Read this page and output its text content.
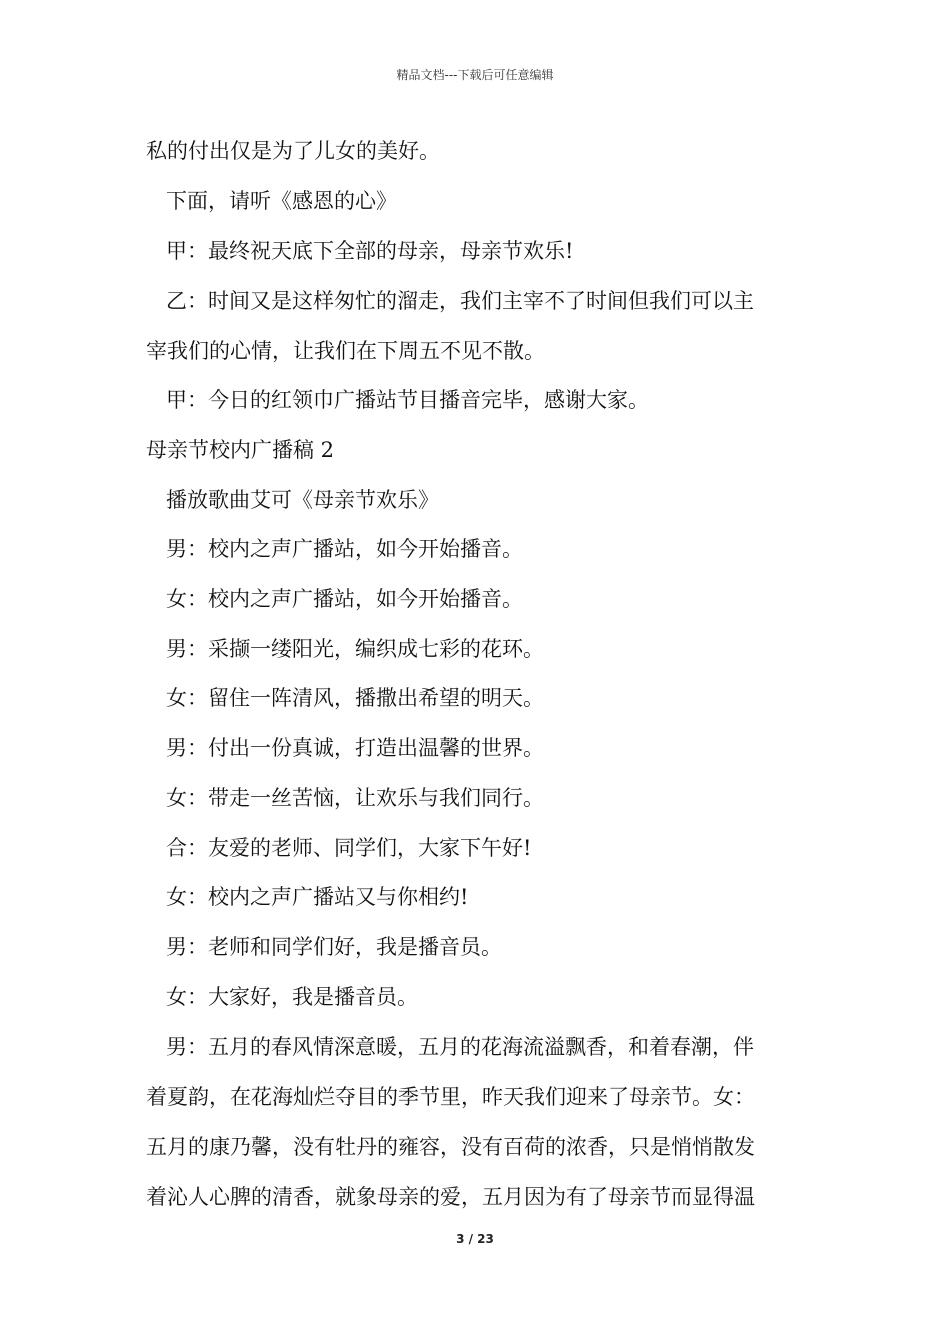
精品文档---下载后可任意编辑
私的付出仅是为了儿女的美好。
下面，请听《感恩的心》
甲：最终祝天底下全部的母亲，母亲节欢乐!
乙：时间又是这样匆忙的溜走，我们主宰不了时间但我们可以主
宰我们的心情，让我们在下周五不见不散。
甲：今日的红领巾广播站节目播音完毕，感谢大家。
母亲节校内广播稿 2
播放歌曲艾可《母亲节欢乐》
男：校内之声广播站，如今开始播音。
女：校内之声广播站，如今开始播音。
男：采撷一缕阳光，编织成七彩的花环。
女：留住一阵清风，播撒出希望的明天。
男：付出一份真诚，打造出温馨的世界。
女：带走一丝苦恼，让欢乐与我们同行。
合：友爱的老师、同学们，大家下午好!
女：校内之声广播站又与你相约!
男：老师和同学们好，我是播音员。
女：大家好，我是播音员。
男：五月的春风情深意暖，五月的花海流溢飘香，和着春潮，伴
着夏韵，在花海灿烂夺目的季节里，昨天我们迎来了母亲节。女：
五月的康乃馨，没有牡丹的雍容，没有百荷的浓香，只是悄悄散发
着沁人心脾的清香，就象母亲的爱，五月因为有了母亲节而显得温
3 / 23
